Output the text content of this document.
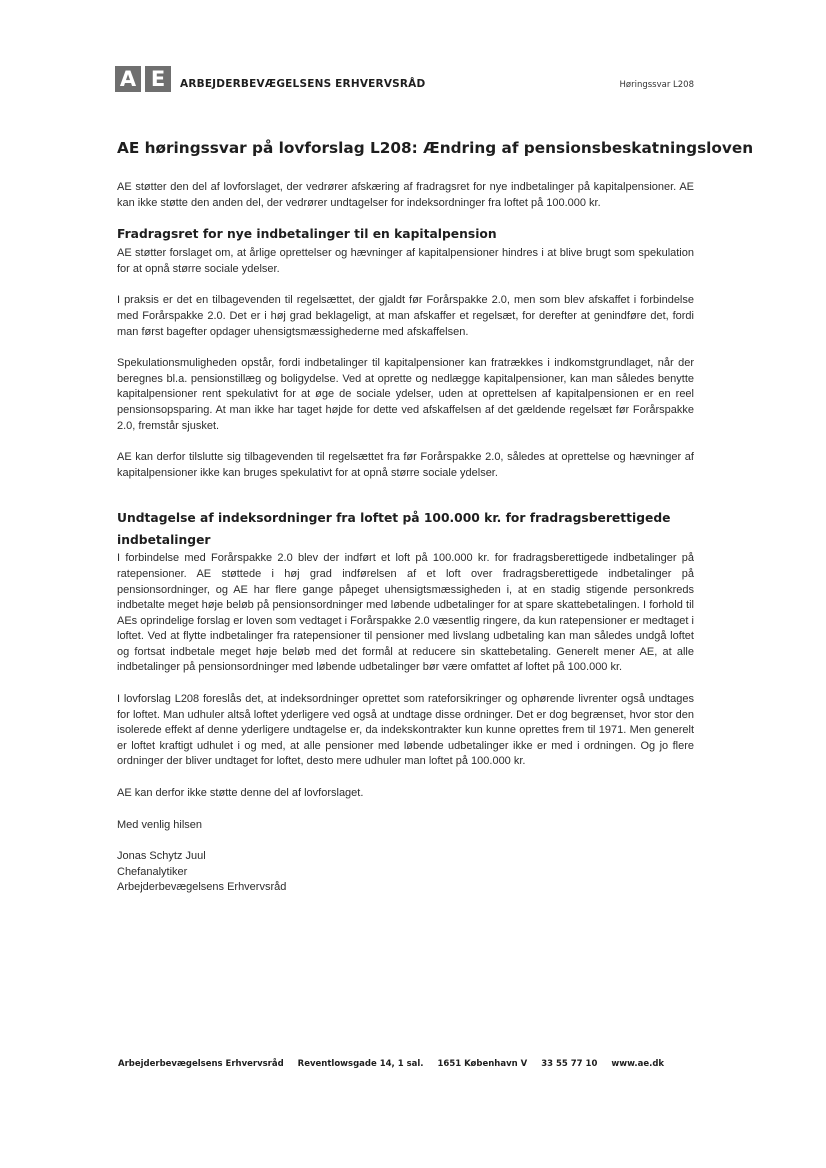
A E	ARBEJDERBEVÆGELSENS ERHVERVSRÅD	Høringssvar L208
AE høringssvar på lovforslag L208: Ændring af pensionsbeskatningsloven

AE støtter den del af lovforslaget, der vedrører afskæring af fradragsret for nye indbetalinger på kapitalpensioner. AE kan ikke støtte den anden del, der vedrører undtagelser for indeksordninger fra loftet på 100.000 kr.

Fradragsret for nye indbetalinger til en kapitalpension

AE støtter forslaget om, at årlige oprettelser og hævninger af kapitalpensioner hindres i at blive brugt som spekulation for at opnå større sociale ydelser.

I praksis er det en tilbagevenden til regelsættet, der gjaldt før Forårspakke 2.0, men som blev afskaffet i forbindelse med Forårspakke 2.0. Det er i høj grad beklageligt, at man afskaffer et regelsæt, for derefter at genindføre det, fordi man først bagefter opdager uhensigtsmæssighederne med afskaffelsen.

Spekulationsmuligheden opstår, fordi indbetalinger til kapitalpensioner kan fratrækkes i indkomstgrundlaget, når der beregnes bl.a. pensionstillæg og boligydelse. Ved at oprette og nedlægge kapitalpensioner, kan man således benytte kapitalpensioner rent spekulativt for at øge de sociale ydelser, uden at oprettelsen af kapitalpensionen er en reel pensionsopsparing. At man ikke har taget højde for dette ved afskaffelsen af det gældende regelsæt før Forårspakke 2.0, fremstår sjusket.

AE kan derfor tilslutte sig tilbagevenden til regelsættet fra før Forårspakke 2.0, således at oprettelse og hævninger af kapitalpensioner ikke kan bruges spekulativt for at opnå større sociale ydelser.

Undtagelse af indeksordninger fra loftet på 100.000 kr. for fradragsberettigede indbetalinger

I forbindelse med Forårspakke 2.0 blev der indført et loft på 100.000 kr. for fradragsberettigede indbetalinger på ratepensioner. AE støttede i høj grad indførelsen af et loft over fradragsberettigede indbetalinger på pensionsordninger, og AE har flere gange påpeget uhensigtsmæssigheden i, at en stadig stigende personkreds indbetalte meget høje beløb på pensionsordninger med løbende udbetalinger for at spare skattebetalingen. I forhold til AEs oprindelige forslag er loven som vedtaget i Forårspakke 2.0 væsentlig ringere, da kun ratepensioner er medtaget i loftet. Ved at flytte indbetalinger fra ratepensioner til pensioner med livslang udbetaling kan man således undgå loftet og fortsat indbetale meget høje beløb med det formål at reducere sin skattebetaling. Generelt mener AE, at alle indbetalinger på pensionsordninger med løbende udbetalinger bør være omfattet af loftet på 100.000 kr.

I lovforslag L208 foreslås det, at indeksordninger oprettet som rateforsikringer og ophørende livrenter også undtages for loftet. Man udhuler altså loftet yderligere ved også at undtage disse ordninger. Det er dog begrænset, hvor stor den isolerede effekt af denne yderligere undtagelse er, da indekskontrakter kun kunne oprettes frem til 1971. Men generelt er loftet kraftigt udhulet i og med, at alle pensioner med løbende udbetalinger ikke er med i ordningen. Og jo flere ordninger der bliver undtaget for loftet, desto mere udhuler man loftet på 100.000 kr.

AE kan derfor ikke støtte denne del af lovforslaget.

Med venlig hilsen

Jonas Schytz Juul

Chefanalytiker

Arbejderbevægelsens Erhvervsråd

Arbejderbevægelsens Erhvervsråd Reventlowsgade 14, 1 sal. 1651 København V 33 55 77 10 www.ae.dk
